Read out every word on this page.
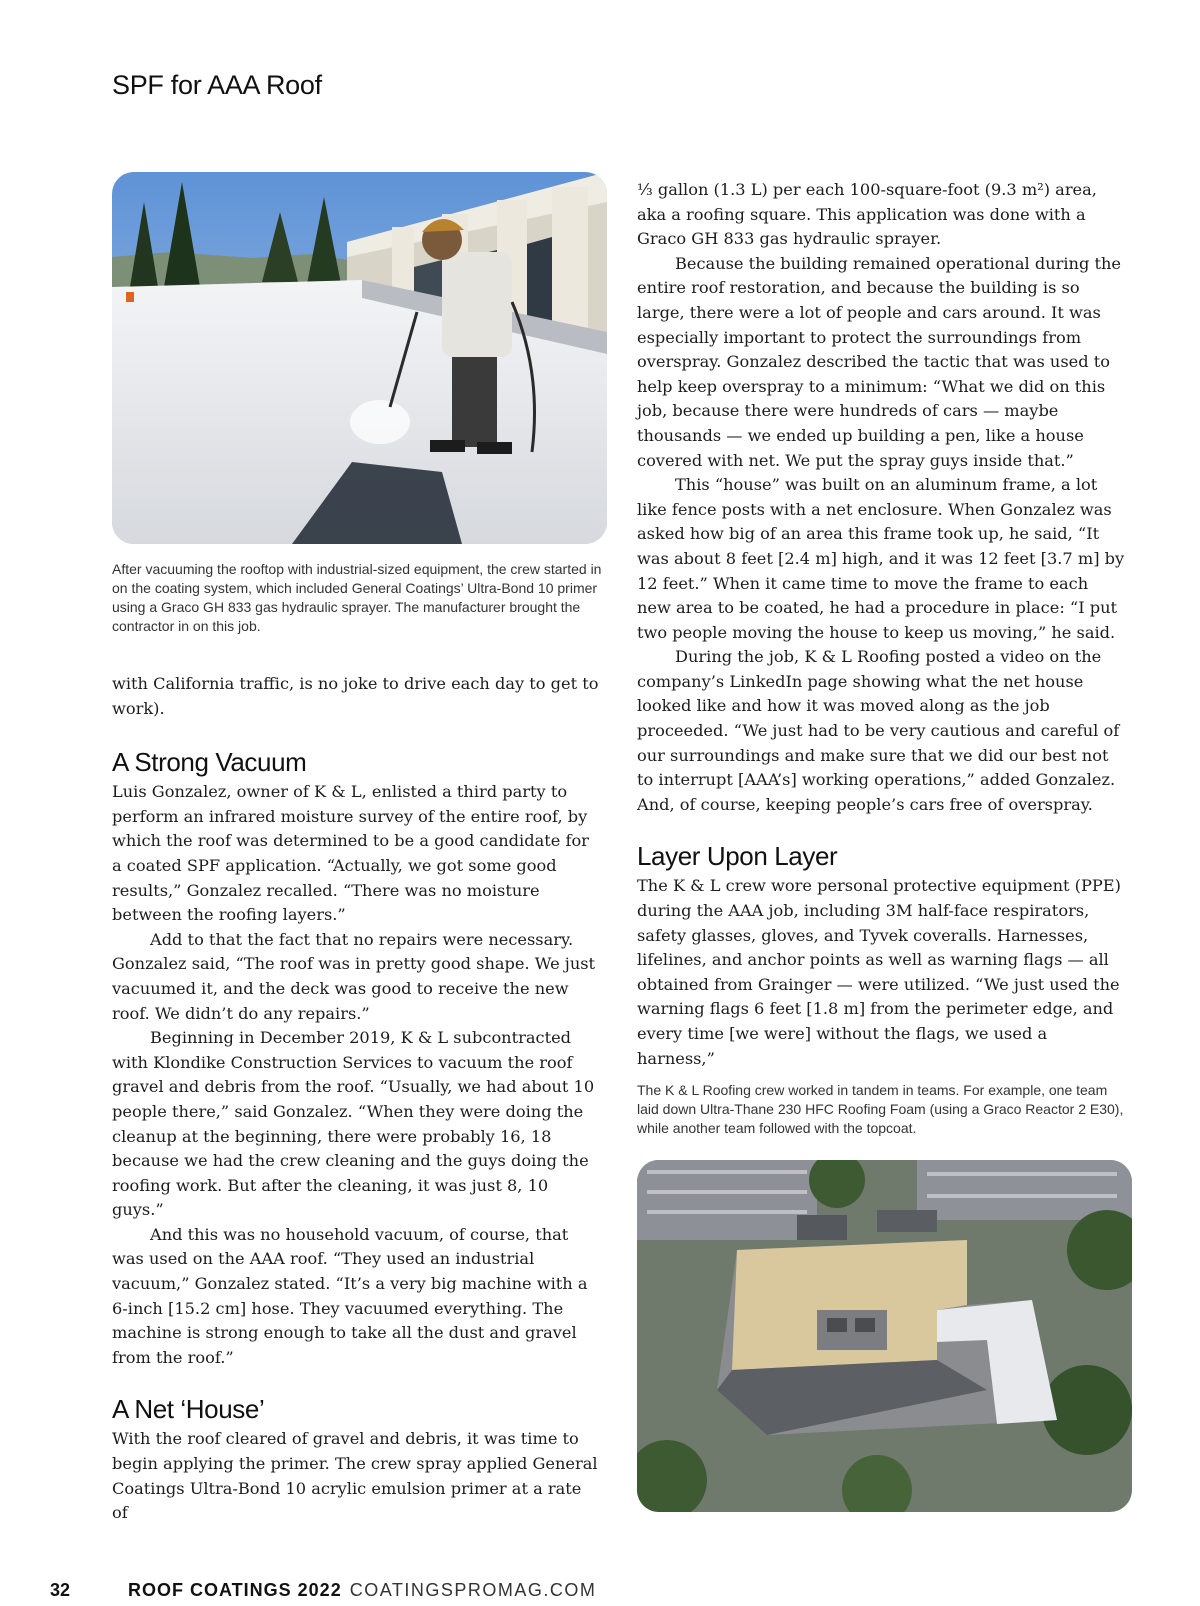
SPF for AAA Roof

After vacuuming the rooftop with industrial-sized equipment, the crew started in on the coating system, which included General Coatings’ Ultra-Bond 10 primer using a Graco GH 833 gas hydraulic sprayer. The manufacturer brought the contractor in on this job.

with California traffic, is no joke to drive each day to get to work).

A Strong Vacuum

Luis Gonzalez, owner of K & L, enlisted a third party to perform an infrared moisture survey of the entire roof, by which the roof was determined to be a good candidate for a coated SPF application. “Actually, we got some good results,” Gonzalez recalled. “There was no moisture between the roofing layers.”

Add to that the fact that no repairs were necessary. Gonzalez said, “The roof was in pretty good shape. We just vacuumed it, and the deck was good to receive the new roof. We didn’t do any repairs.”

Beginning in December 2019, K & L subcontracted with Klondike Construction Services to vacuum the roof gravel and debris from the roof. “Usually, we had about 10 people there,” said Gonzalez. “When they were doing the cleanup at the beginning, there were probably 16, 18 because we had the crew cleaning and the guys doing the roofing work. But after the cleaning, it was just 8, 10 guys.”

And this was no household vacuum, of course, that was used on the AAA roof. “They used an industrial vacuum,” Gonzalez stated. “It’s a very big machine with a 6-inch [15.2 cm] hose. They vacuumed everything. The machine is strong enough to take all the dust and gravel from the roof.”

A Net ‘House’

With the roof cleared of gravel and debris, it was time to begin applying the primer. The crew spray applied General Coatings Ultra-Bond 10 acrylic emulsion primer at a rate of

⅓ gallon (1.3 L) per each 100-square-foot (9.3 m²) area, aka a roofing square. This application was done with a Graco GH 833 gas hydraulic sprayer.

Because the building remained operational during the entire roof restoration, and because the building is so large, there were a lot of people and cars around. It was especially important to protect the surroundings from overspray. Gonzalez described the tactic that was used to help keep overspray to a minimum: “What we did on this job, because there were hundreds of cars — maybe thousands — we ended up building a pen, like a house covered with net. We put the spray guys inside that.”

This “house” was built on an aluminum frame, a lot like fence posts with a net enclosure. When Gonzalez was asked how big of an area this frame took up, he said, “It was about 8 feet [2.4 m] high, and it was 12 feet [3.7 m] by 12 feet.” When it came time to move the frame to each new area to be coated, he had a procedure in place: “I put two people moving the house to keep us moving,” he said.

During the job, K & L Roofing posted a video on the company’s LinkedIn page showing what the net house looked like and how it was moved along as the job proceeded. “We just had to be very cautious and careful of our surroundings and make sure that we did our best not to interrupt [AAA’s] working operations,” added Gonzalez. And, of course, keeping people’s cars free of overspray.

Layer Upon Layer

The K & L crew wore personal protective equipment (PPE) during the AAA job, including 3M half-face respirators, safety glasses, gloves, and Tyvek coveralls. Harnesses, lifelines, and anchor points as well as warning flags — all obtained from Grainger — were utilized. “We just used the warning flags 6 feet [1.8 m] from the perimeter edge, and every time [we were] without the flags, we used a harness,”

The K & L Roofing crew worked in tandem in teams. For example, one team laid down Ultra-Thane 230 HFC Roofing Foam (using a Graco Reactor 2 E30), while another team followed with the topcoat.

32	ROOF COATINGS 2022 COATINGSPROMAG.COM
